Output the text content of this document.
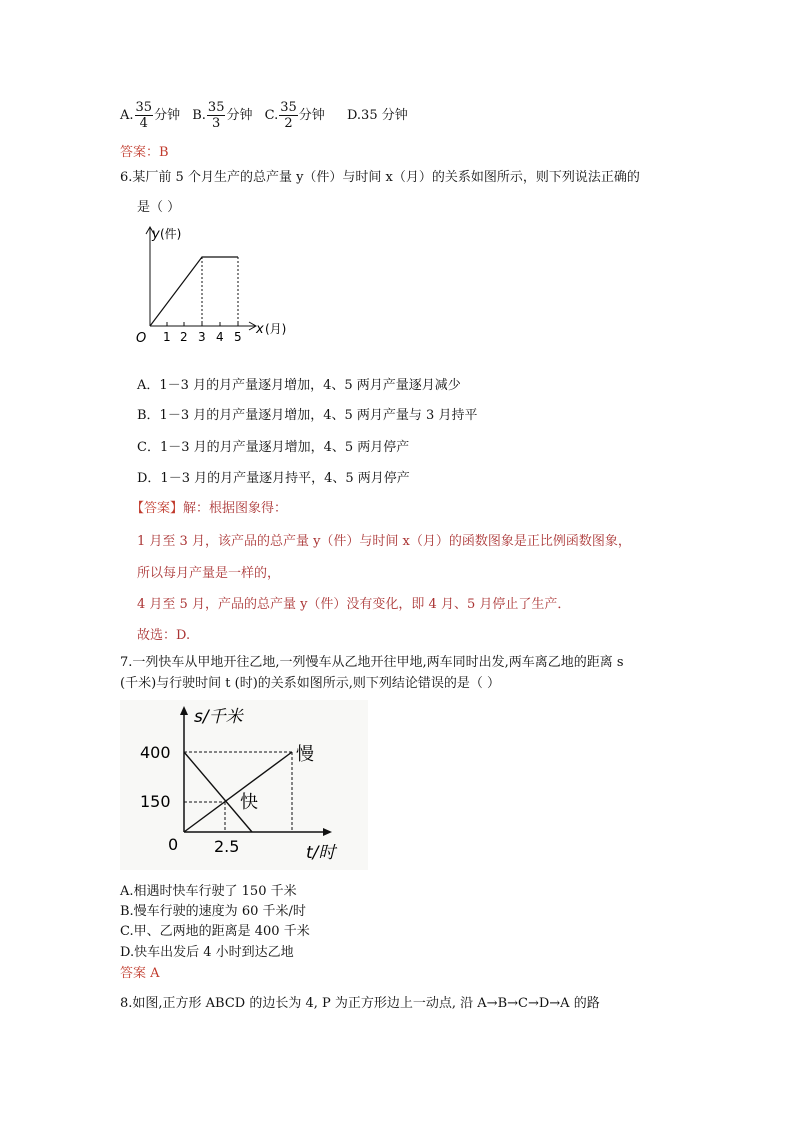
A. $\frac{35}{4}$ 分钟 B. $\frac{35}{3}$ 分钟 C. $\frac{35}{2}$ 分钟 D.35 分钟
答案：B
6.某厂前 5 个月生产的总产量 y（件）与时间 x（月）的关系如图所示，则下列说法正确的
是（ ）
y (件)
O 1 2 3 4 5 x (月)
A．1－3 月的月产量逐月增加，4、5 两月产量逐月减少
B．1－3 月的月产量逐月增加，4、5 两月产量与 3 月持平
C．1－3 月的月产量逐月增加，4、5 两月停产
D．1－3 月的月产量逐月持平，4、5 两月停产
【答案】解：根据图象得：
1 月至 3 月，该产品的总产量 y（件）与时间 x（月）的函数图象是正比例函数图象，
所以每月产量是一样的，
4 月至 5 月，产品的总产量 y（件）没有变化，即 4 月、5 月停止了生产．
故选：D.
7.一列快车从甲地开往乙地,一列慢车从乙地开往甲地,两车同时出发,两车离乙地的距离 s
(千米)与行驶时间 t (时)的关系如图所示,则下列结论错误的是（ ）
s/千米
400
150
0 2.5	t/时
慢
快
A.相遇时快车行驶了 150 千米
B.慢车行驶的速度为 60 千米/时
C.甲、乙两地的距离是 400 千米
D.快车出发后 4 小时到达乙地
答案 A
8.如图,正方形 ABCD 的边长为 4, P 为正方形边上一动点, 沿 A→B→C→D→A 的路
